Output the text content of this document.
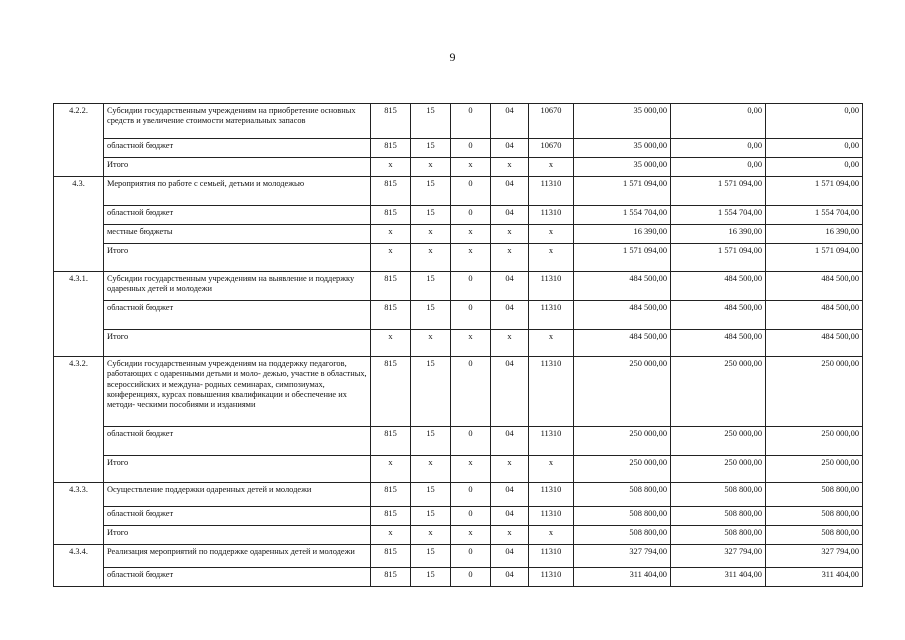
9
4.2.2.	Субсидии государственным учреждениям на приобретение основных средств и увеличение стоимости материальных запасов	815	15	0	04	10670	35 000,00	0,00	0,00
	областной бюджет	815	15	0	04	10670	35 000,00	0,00	0,00
	Итого	х	х	х	х	х	35 000,00	0,00	0,00
4.3.	Мероприятия по работе с семьей, детьми и молодежью	815	15	0	04	11310	1 571 094,00	1 571 094,00	1 571 094,00
	областной бюджет	815	15	0	04	11310	1 554 704,00	1 554 704,00	1 554 704,00
	местные бюджеты	х	х	х	х	х	16 390,00	16 390,00	16 390,00
	Итого	х	х	х	х	х	1 571 094,00	1 571 094,00	1 571 094,00
4.3.1.	Субсидии государственным учреждениям на выявление и поддержку одаренных детей и молодежи	815	15	0	04	11310	484 500,00	484 500,00	484 500,00
	областной бюджет	815	15	0	04	11310	484 500,00	484 500,00	484 500,00
	Итого	х	х	х	х	х	484 500,00	484 500,00	484 500,00
4.3.2.	Субсидии государственным учреждениям на поддержку педагогов, работающих с одаренными детьми и моло- дежью, участие в областных, всероссийских и междуна- родных семинарах, симпозиумах, конференциях, курсах повышения квалификации и обеспечение их методи- ческими пособиями и изданиями	815	15	0	04	11310	250 000,00	250 000,00	250 000,00
	областной бюджет	815	15	0	04	11310	250 000,00	250 000,00	250 000,00
	Итого	х	х	х	х	х	250 000,00	250 000,00	250 000,00
4.3.3.	Осуществление поддержки одаренных детей и молодежи	815	15	0	04	11310	508 800,00	508 800,00	508 800,00
	областной бюджет	815	15	0	04	11310	508 800,00	508 800,00	508 800,00
	Итого	х	х	х	х	х	508 800,00	508 800,00	508 800,00
4.3.4.	Реализация мероприятий по поддержке одаренных детей и молодежи	815	15	0	04	11310	327 794,00	327 794,00	327 794,00
	областной бюджет	815	15	0	04	11310	311 404,00	311 404,00	311 404,00
